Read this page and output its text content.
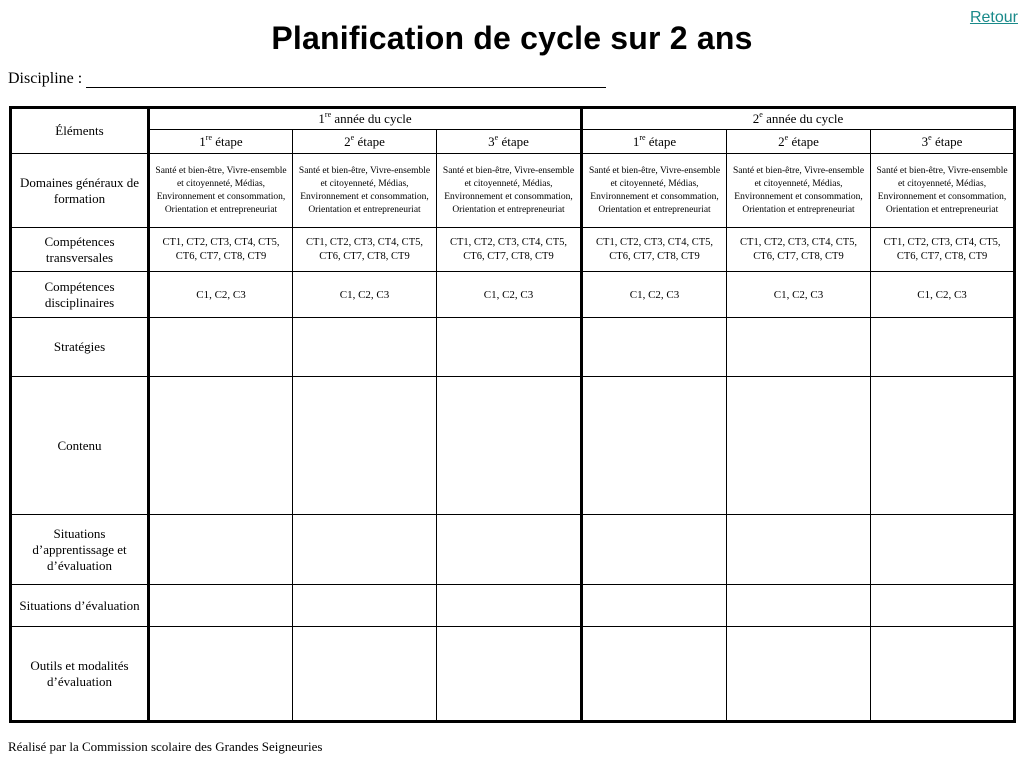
Planification de cycle sur 2 ans
Retour
Discipline :
Éléments	1re année du cycle			2e année du cycle		
	1re étape	2e étape	3e étape	1re étape	2e étape	3e étape
Domaines généraux de formation	Santé et bien-être, Vivre-ensemble et citoyenneté, Médias, Environnement et consommation, Orientation et entrepreneuriat	Santé et bien-être, Vivre-ensemble et citoyenneté, Médias, Environnement et consommation, Orientation et entrepreneuriat	Santé et bien-être, Vivre-ensemble et citoyenneté, Médias, Environnement et consommation, Orientation et entrepreneuriat	Santé et bien-être, Vivre-ensemble et citoyenneté, Médias, Environnement et consommation, Orientation et entrepreneuriat	Santé et bien-être, Vivre-ensemble et citoyenneté, Médias, Environnement et consommation, Orientation et entrepreneuriat	Santé et bien-être, Vivre-ensemble et citoyenneté, Médias, Environnement et consommation, Orientation et entrepreneuriat
Compétences transversales	CT1, CT2, CT3, CT4, CT5, CT6, CT7, CT8, CT9	CT1, CT2, CT3, CT4, CT5, CT6, CT7, CT8, CT9	CT1, CT2, CT3, CT4, CT5, CT6, CT7, CT8, CT9	CT1, CT2, CT3, CT4, CT5, CT6, CT7, CT8, CT9	CT1, CT2, CT3, CT4, CT5, CT6, CT7, CT8, CT9	CT1, CT2, CT3, CT4, CT5, CT6, CT7, CT8, CT9
Compétences disciplinaires	C1, C2, C3	C1, C2, C3	C1, C2, C3	C1, C2, C3	C1, C2, C3	C1, C2, C3
Stratégies						
Contenu						
Situations d’apprentissage et d’évaluation						
Situations d’évaluation						
Outils et modalités d’évaluation						
Réalisé par la Commission scolaire des Grandes Seigneuries
